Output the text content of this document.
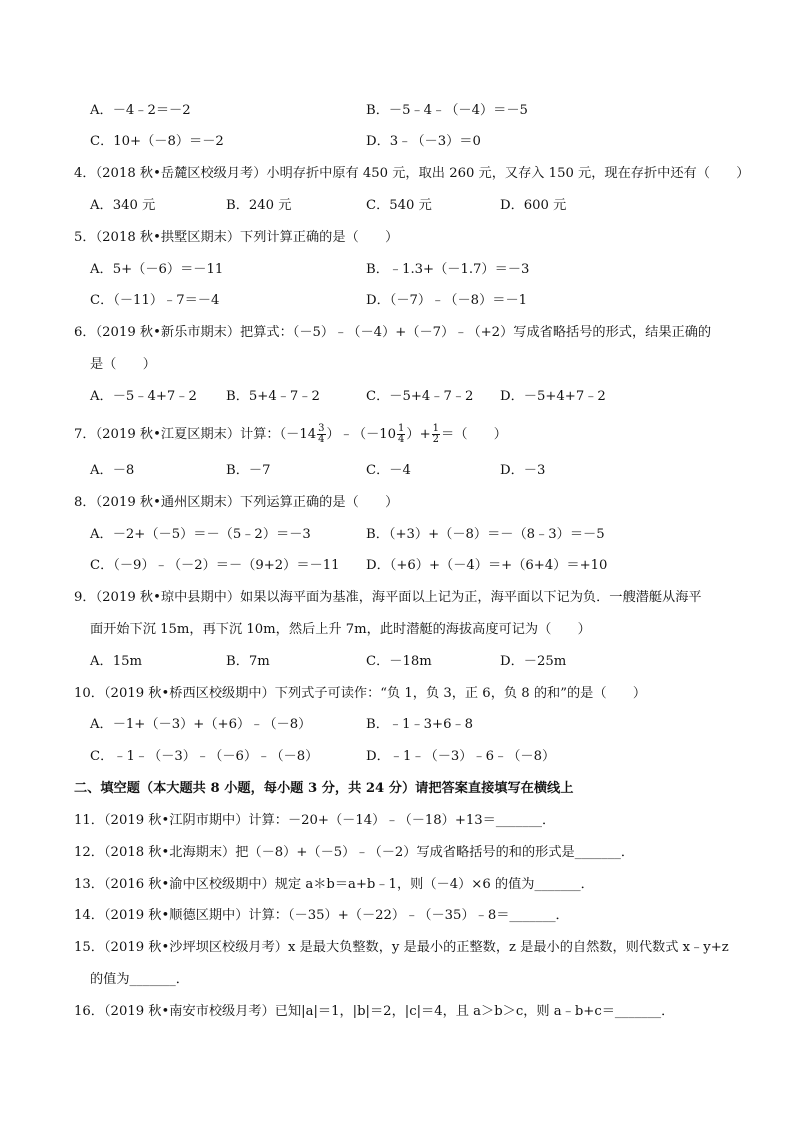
A．－4﹣2＝－2	B．－5﹣4﹣（－4）＝－5
C．10+（－8）＝－2	D．3﹣（－3）＝0
4．（2018 秋•岳麓区校级月考）小明存折中原有 450 元，取出 260 元，又存入 150 元，现在存折中还有（　　）
A．340 元	B．240 元	C．540 元	D．600 元
5．（2018 秋•拱墅区期末）下列计算正确的是（　　）
A．5+（－6）＝－11	B．﹣1.3+（－1.7）＝－3
C．（－11）﹣7＝－4	D．（－7）﹣（－8）＝－1
6．（2019 秋•新乐市期末）把算式：（－5）﹣（－4）+（－7）﹣（+2）写成省略括号的形式，结果正确的
是（　　）
A．－5﹣4+7﹣2 B．5+4﹣7﹣2	C．－5+4﹣7﹣2 D．－5+4+7﹣2
7．（2019 秋•江夏区期末）计算：（$-14 \frac{3}{4}$ ）﹣（－10 $\frac{1}{4}$ ）+ $\frac{1}{2}$ ＝（　　）
A．－8	B．－7	C．－4	D．－3
8．（2019 秋•通州区期末）下列运算正确的是（　　）
A．－2+（－5）＝－（5﹣2）＝－3	B．（+3）+（－8）＝－（8﹣3）＝－5
C．（－9）﹣（－2）＝－（9+2）＝－11 D．（+6）+（－4）＝+（6+4）＝+10
9．（2019 秋•琼中县期中）如果以海平面为基准，海平面以上记为正，海平面以下记为负．一艘潜艇从海平
面开始下沉 15m，再下沉 10m，然后上升 7m，此时潜艇的海拔高度可记为（　　）
A．15m	B．7m	C．－18m	D．－25m
10．（2019 秋•桥西区校级期中）下列式子可读作：“负 1，负 3，正 6，负 8 的和”的是（　　）
A．－1+（－3）+（+6）﹣（－8）	B．﹣1﹣3+6﹣8
C．﹣1﹣（－3）﹣（－6）﹣（－8）	D．﹣1﹣（－3）﹣6﹣（－8）
二、填空题（本大题共 8 小题，每小题 3 分，共 24 分）请把答案直接填写在横线上
11．（2019 秋•江阴市期中）计算：－20+（－14）﹣（－18）+13＝_______．
12．（2018 秋•北海期末）把（－8）+（－5）﹣（－2）写成省略括号的和的形式是_______．
13．（2016 秋•渝中区校级期中）规定 a＊b＝a+b﹣1，则（－4）×6 的值为_______．
14．（2019 秋•顺德区期中）计算：（－35）+（－22）﹣（－35）﹣8＝_______．
15．（2019 秋•沙坪坝区校级月考）x 是最大负整数，y 是最小的正整数，z 是最小的自然数，则代数式 x﹣y+z
的值为_______．
16．（2019 秋•南安市校级月考）已知|a|＝1，|b|＝2，|c|＝4，且 a＞b＞c，则 a﹣b+c＝_______．
